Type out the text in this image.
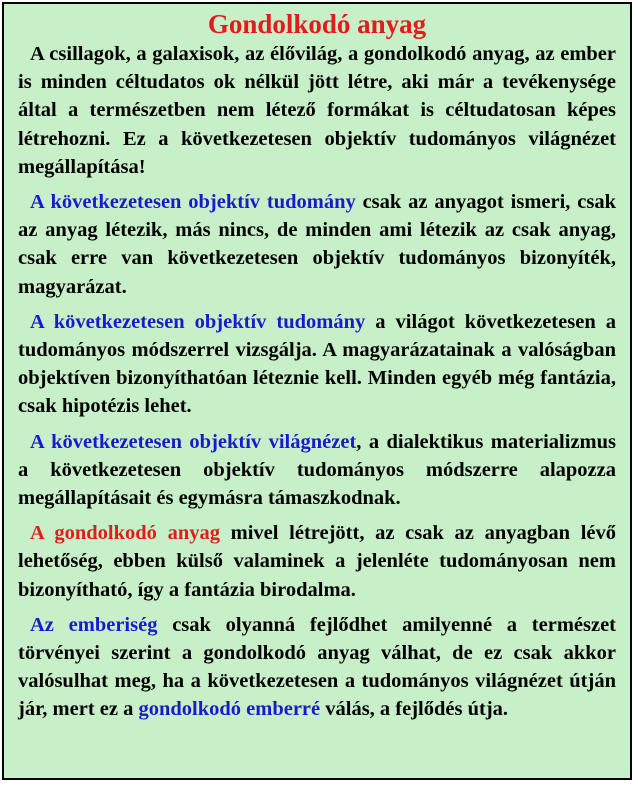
Gondolkodó anyag

A csillagok, a galaxisok, az élővilág, a gondolkodó anyag, az ember is minden céltudatos ok nélkül jött létre, aki már a tevékenysége által a természetben nem létező formákat is céltudatosan képes létrehozni. Ez a következetesen objektív tudományos világnézet megállapítása!

A következetesen objektív tudomány csak az anyagot ismeri, csak az anyag létezik, más nincs, de minden ami létezik az csak anyag, csak erre van következetesen objektív tudományos bizonyíték, magyarázat.

A következetesen objektív tudomány a világot következetesen a tudományos módszerrel vizsgálja. A magyarázatainak a valóságban objektíven bizonyíthatóan léteznie kell. Minden egyéb még fantázia, csak hipotézis lehet.

A következetesen objektív világnézet, a dialektikus materializmus a következetesen objektív tudományos módszerre alapozza megállapításait és egymásra támaszkodnak.

A gondolkodó anyag mivel létrejött, az csak az anyagban lévő lehetőség, ebben külső valaminek a jelenléte tudományosan nem bizonyítható, így a fantázia birodalma.

Az emberiség csak olyanná fejlődhet amilyenné a természet törvényei szerint a gondolkodó anyag válhat, de ez csak akkor valósulhat meg, ha a következetesen a tudományos világnézet útján jár, mert ez a gondolkodó emberré válás, a fejlődés útja.
